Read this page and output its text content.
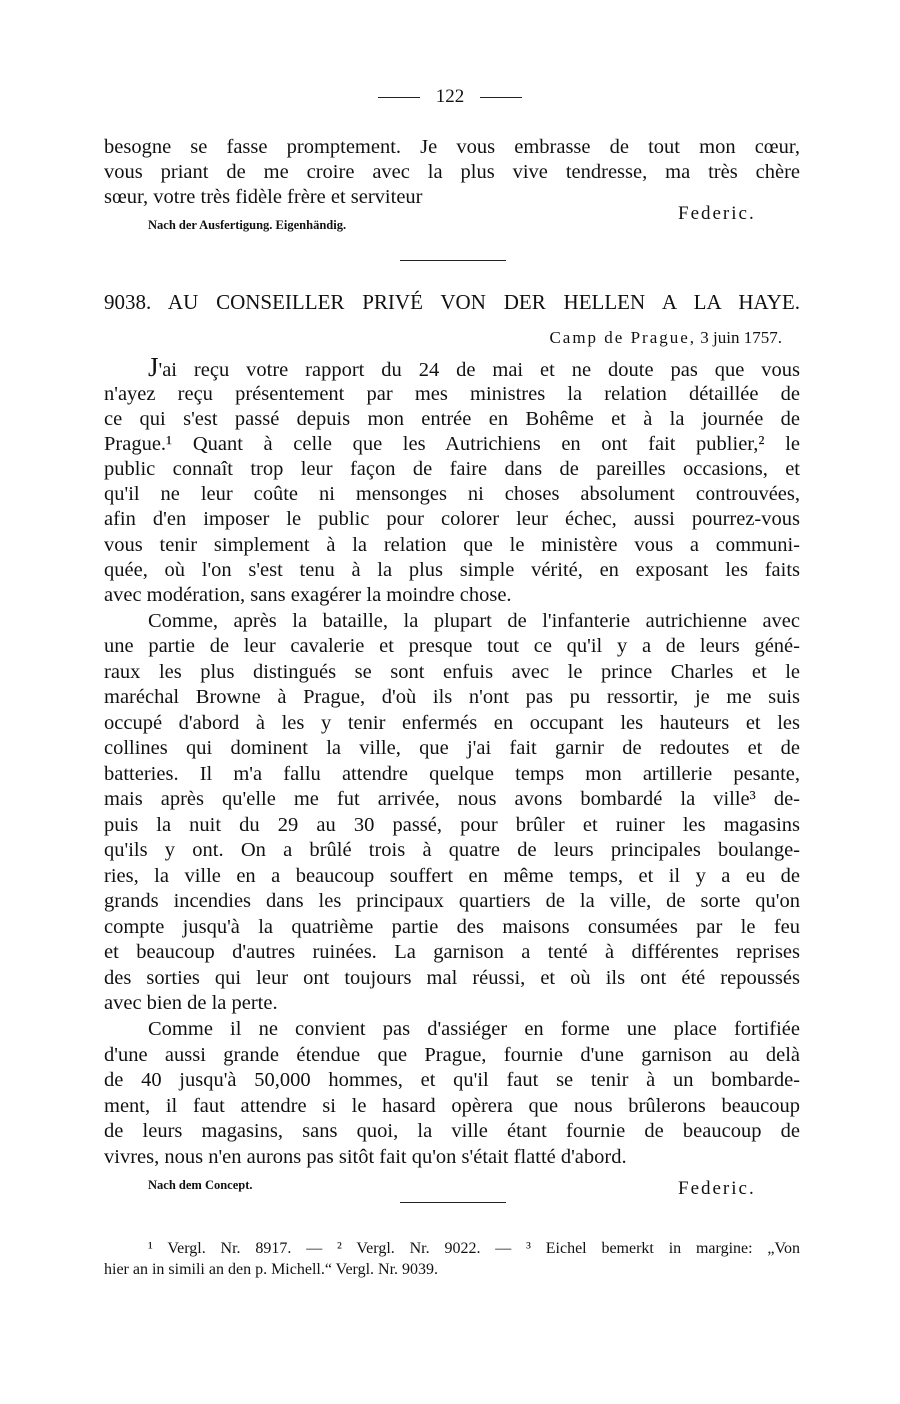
122
besogne se fasse promptement. Je vous embrasse de tout mon cœur,
vous priant de me croire avec la plus vive tendresse, ma très chère
sœur, votre très fidèle frère et serviteur
Nach der Ausfertigung. Eigenhändig.
Federic.
9038. AU CONSEILLER PRIVÉ VON DER HELLEN A LA HAYE.
Camp de Prague, 3 juin 1757.
J'ai reçu votre rapport du 24 de mai et ne doute pas que vous
n'ayez reçu présentement par mes ministres la relation détaillée de
ce qui s'est passé depuis mon entrée en Bohême et à la journée de
Prague.¹ Quant à celle que les Autrichiens en ont fait publier,² le
public connaît trop leur façon de faire dans de pareilles occasions, et
qu'il ne leur coûte ni mensonges ni choses absolument controuvées,
afin d'en imposer le public pour colorer leur échec, aussi pourrez-vous
vous tenir simplement à la relation que le ministère vous a communi-
quée, où l'on s'est tenu à la plus simple vérité, en exposant les faits
avec modération, sans exagérer la moindre chose.
Comme, après la bataille, la plupart de l'infanterie autrichienne avec
une partie de leur cavalerie et presque tout ce qu'il y a de leurs géné-
raux les plus distingués se sont enfuis avec le prince Charles et le
maréchal Browne à Prague, d'où ils n'ont pas pu ressortir, je me suis
occupé d'abord à les y tenir enfermés en occupant les hauteurs et les
collines qui dominent la ville, que j'ai fait garnir de redoutes et de
batteries. Il m'a fallu attendre quelque temps mon artillerie pesante,
mais après qu'elle me fut arrivée, nous avons bombardé la ville³ de-
puis la nuit du 29 au 30 passé, pour brûler et ruiner les magasins
qu'ils y ont. On a brûlé trois à quatre de leurs principales boulange-
ries, la ville en a beaucoup souffert en même temps, et il y a eu de
grands incendies dans les principaux quartiers de la ville, de sorte qu'on
compte jusqu'à la quatrième partie des maisons consumées par le feu
et beaucoup d'autres ruinées. La garnison a tenté à différentes reprises
des sorties qui leur ont toujours mal réussi, et où ils ont été repoussés
avec bien de la perte.
Comme il ne convient pas d'assiéger en forme une place fortifiée
d'une aussi grande étendue que Prague, fournie d'une garnison au delà
de 40 jusqu'à 50,000 hommes, et qu'il faut se tenir à un bombarde-
ment, il faut attendre si le hasard opèrera que nous brûlerons beaucoup
de leurs magasins, sans quoi, la ville étant fournie de beaucoup de
vivres, nous n'en aurons pas sitôt fait qu'on s'était flatté d'abord.
Nach dem Concept.	Federic.
¹ Vergl. Nr. 8917. — ² Vergl. Nr. 9022. — ³ Eichel bemerkt in margine: „Von
hier an in simili an den p. Michell.“ Vergl. Nr. 9039.
